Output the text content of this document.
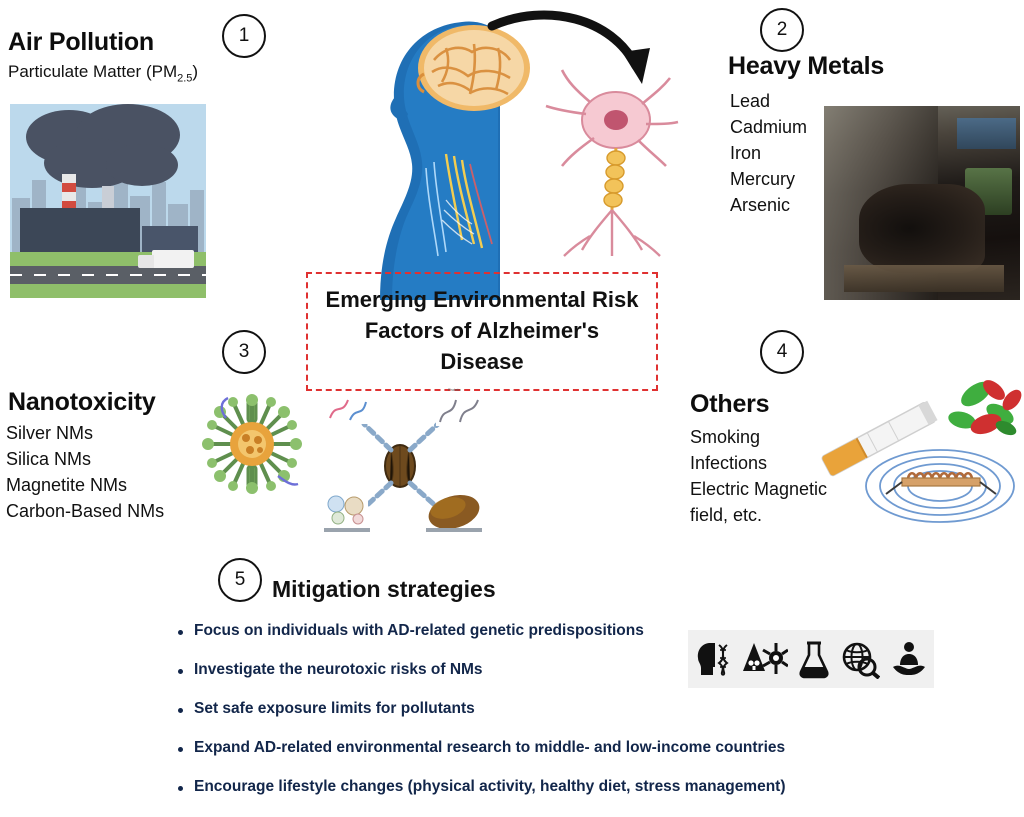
1
Air Pollution
Particulate Matter $(PM_{2.5})$
2
Heavy Metals
Lead
Cadmium
Iron
Mercury
Arsenic
Emerging Environmental Risk
Factors of Alzheimer's Disease
3
Nanotoxicity
Silver NMs
Silica NMs
Magnetite NMs
Carbon-Based NMs
Protein
4
Others
Smoking
Infections
Electric Magnetic
field, etc.
5	Mitigation strategies
Focus on individuals with AD-related genetic predispositions
Investigate the neurotoxic risks of NMs
Set safe exposure limits for pollutants
Expand AD-related environmental research to middle- and low-income countries
Encourage lifestyle changes (physical activity, healthy diet, stress management)
